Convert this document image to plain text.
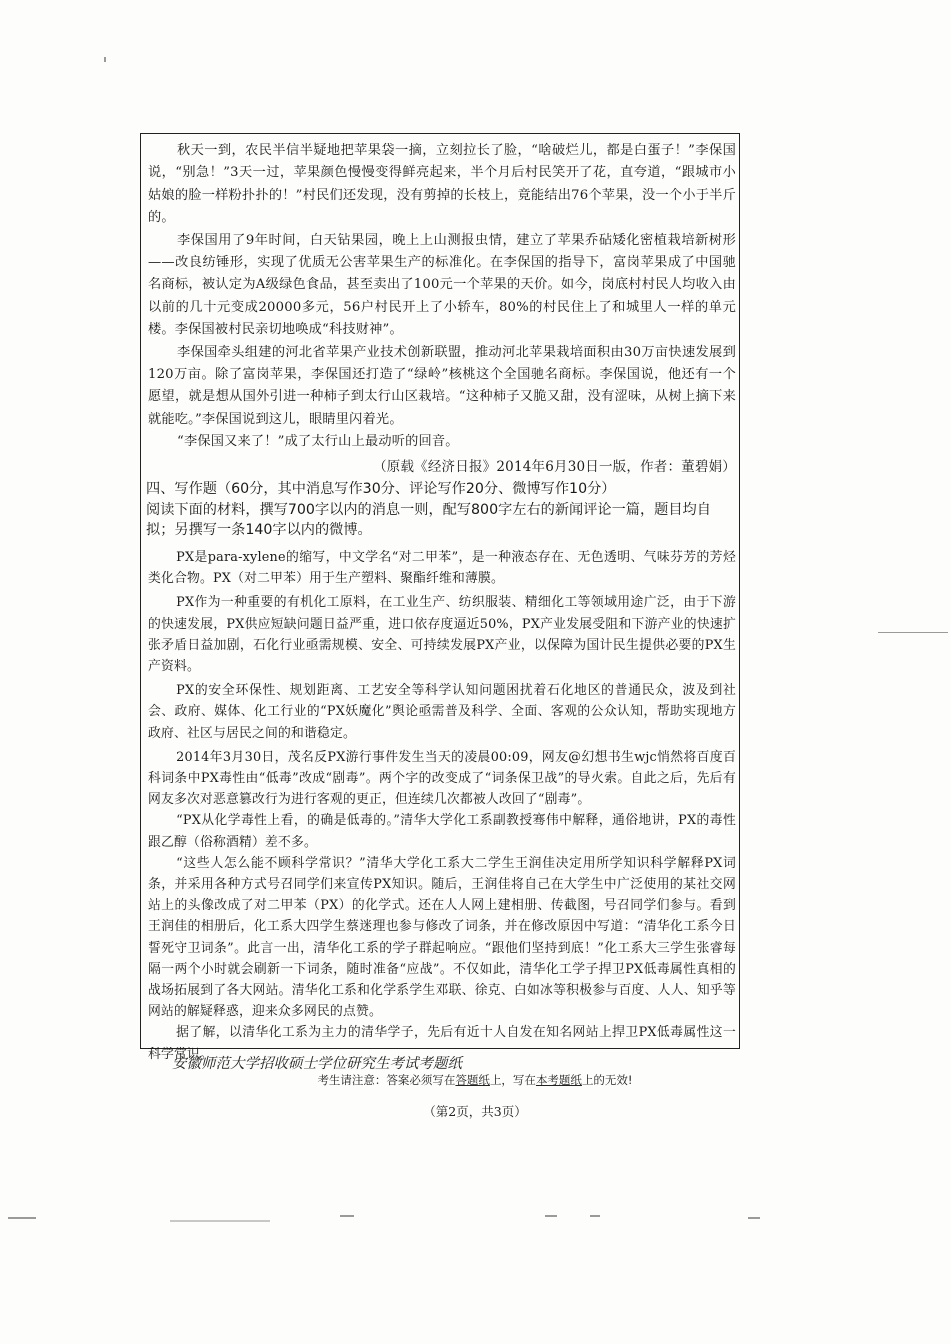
秋天一到，农民半信半疑地把苹果袋一摘，立刻拉长了脸，“啥破烂儿，都是白蛋子！”李保国说，“别急！”3天一过，苹果颜色慢慢变得鲜亮起来，半个月后村民笑开了花，直夸道，“跟城市小姑娘的脸一样粉扑扑的！”村民们还发现，没有剪掉的长枝上，竟能结出76个苹果，没一个小于半斤的。

李保国用了9年时间，白天钻果园，晚上上山测报虫情，建立了苹果乔砧矮化密植栽培新树形——改良纺锤形，实现了优质无公害苹果生产的标准化。在李保国的指导下，富岗苹果成了中国驰名商标，被认定为A级绿色食品，甚至卖出了100元一个苹果的天价。如今，岗底村村民人均收入由以前的几十元变成20000多元，56户村民开上了小轿车，80%的村民住上了和城里人一样的单元楼。李保国被村民亲切地唤成“科技财神”。

李保国牵头组建的河北省苹果产业技术创新联盟，推动河北苹果栽培面积由30万亩快速发展到120万亩。除了富岗苹果，李保国还打造了“绿岭”核桃这个全国驰名商标。李保国说，他还有一个愿望，就是想从国外引进一种柿子到太行山区栽培。“这种柿子又脆又甜，没有涩味，从树上摘下来就能吃。”李保国说到这儿，眼睛里闪着光。

“李保国又来了！”成了太行山上最动听的回音。

（原载《经济日报》2014年6月30日一版，作者：董碧娟）

四、写作题（60分，其中消息写作30分、评论写作20分、微博写作10分）

阅读下面的材料，撰写700字以内的消息一则，配写800字左右的新闻评论一篇，题目均自拟；另撰写一条140字以内的微博。

PX是para-xylene的缩写，中文学名“对二甲苯”，是一种液态存在、无色透明、气味芬芳的芳烃类化合物。PX（对二甲苯）用于生产塑料、聚酯纤维和薄膜。

PX作为一种重要的有机化工原料，在工业生产、纺织服装、精细化工等领域用途广泛，由于下游的快速发展，PX供应短缺问题日益严重，进口依存度逼近50%，PX产业发展受阻和下游产业的快速扩张矛盾日益加剧，石化行业亟需规模、安全、可持续发展PX产业，以保障为国计民生提供必要的PX生产资料。

PX的安全环保性、规划距离、工艺安全等科学认知问题困扰着石化地区的普通民众，波及到社会、政府、媒体、化工行业的“PX妖魔化”舆论亟需普及科学、全面、客观的公众认知，帮助实现地方政府、社区与居民之间的和谐稳定。

2014年3月30日，茂名反PX游行事件发生当天的凌晨00:09，网友@幻想书生wjc悄然将百度百科词条中PX毒性由“低毒”改成“剧毒”。两个字的改变成了“词条保卫战”的导火索。自此之后，先后有网友多次对恶意篡改行为进行客观的更正，但连续几次都被人改回了“剧毒”。

“PX从化学毒性上看，的确是低毒的。”清华大学化工系副教授骞伟中解释，通俗地讲，PX的毒性跟乙醇（俗称酒精）差不多。

“这些人怎么能不顾科学常识？”清华大学化工系大二学生王润佳决定用所学知识科学解释PX词条，并采用各种方式号召同学们来宣传PX知识。随后，王润佳将自己在大学生中广泛使用的某社交网站上的头像改成了对二甲苯（PX）的化学式。还在人人网上建相册、传截图，号召同学们参与。看到王润佳的相册后，化工系大四学生蔡迷理也参与修改了词条，并在修改原因中写道：“清华化工系今日誓死守卫词条”。此言一出，清华化工系的学子群起响应。“跟他们坚持到底！”化工系大三学生张睿每隔一两个小时就会刷新一下词条，随时准备“应战”。不仅如此，清华化工学子捍卫PX低毒属性真相的战场拓展到了各大网站。清华化工系和化学系学生邓联、徐克、白如冰等积极参与百度、人人、知乎等网站的解疑释惑，迎来众多网民的点赞。

据了解，以清华化工系为主力的清华学子，先后有近十人自发在知名网站上捍卫PX低毒属性这一科学常识。

安徽师范大学招收硕士学位研究生考试考题纸
考生请注意：答案必须写在答题纸上，写在本考题纸上的无效!
（第2页，共3页）
